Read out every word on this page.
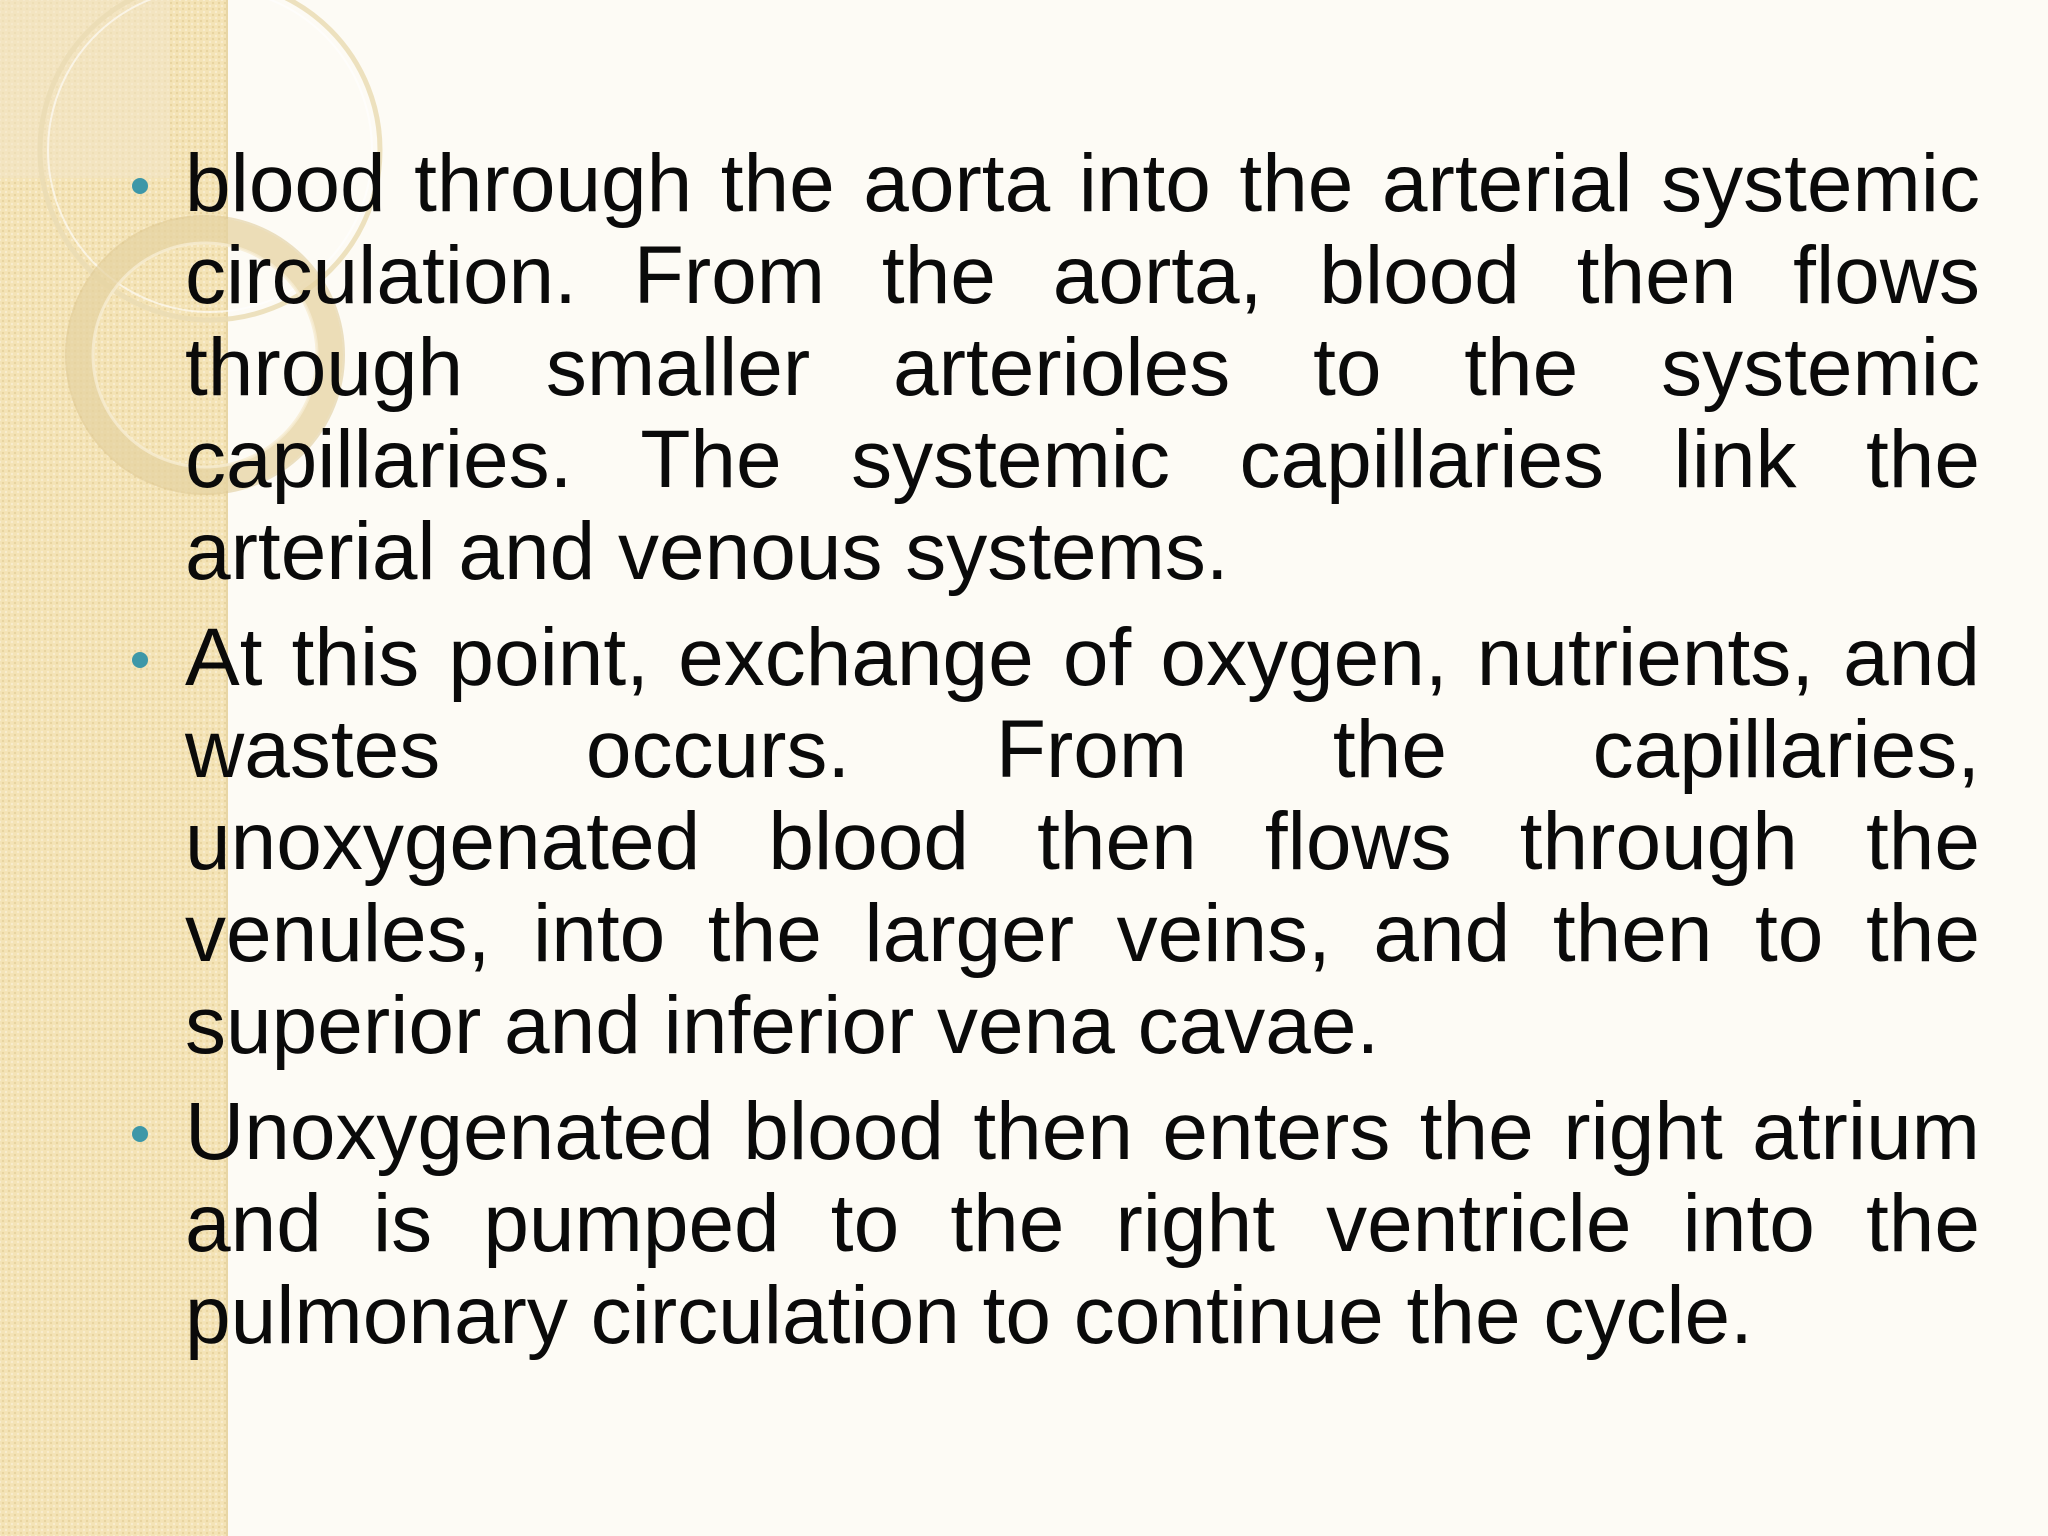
blood through the aorta into the arterial systemic circulation. From the aorta, blood then flows through smaller arterioles to the systemic capillaries. The systemic capillaries link the arterial and venous systems.
At this point, exchange of oxygen, nutrients, and wastes occurs. From the capillaries, unoxygenated blood then flows through the venules, into the larger veins, and then to the superior and inferior vena cavae.
Unoxygenated blood then enters the right atrium and is pumped to the right ventricle into the pulmonary circulation to continue the cycle.
